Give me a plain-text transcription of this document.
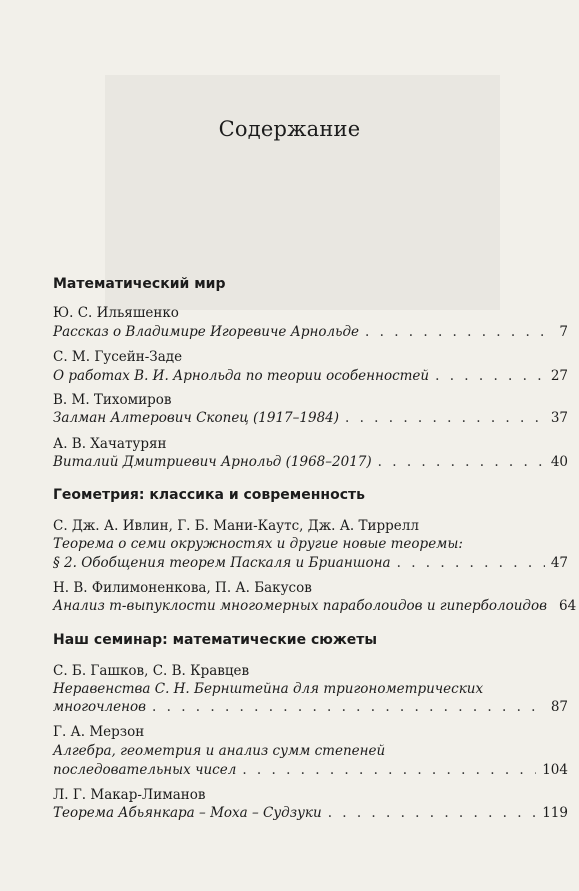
Содержание
Математический мир
Ю. С. Ильяшенко
Рассказ о Владимире Игоревиче Арнольде . . .	7
С. М. Гусейн-Заде
О работах В. И. Арнольда по теории особенностей . . .	27
В. М. Тихомиров
Залман Алтерович Скопец (1917–1984) . . .	37
А. В. Хачатурян
Виталий Дмитриевич Арнольд (1968–2017) . . .	40
Геометрия: классика и современность
С. Дж. А. Ивлин, Г. Б. Мани-Каутс, Дж. А. Тиррелл
Теорема о семи окружностях и другие новые теоремы:
§ 2. Обобщения теорем Паскаля и Брианшона . . .	47
Н. В. Филимоненкова, П. А. Бакусов
Анализ m-выпуклости многомерных параболоидов и гиперболоидов 64
Наш семинар: математические сюжеты
С. Б. Гашков, С. В. Кравцев
Неравенства С. Н. Бернштейна для тригонометрических
многочленов . . .	87
Г. А. Мерзон
Алгебра, геометрия и анализ сумм степеней
последовательных чисел . . .	104
Л. Г. Макар-Лиманов
Теорема Абьянкара – Моха – Судзуки . . .	119
